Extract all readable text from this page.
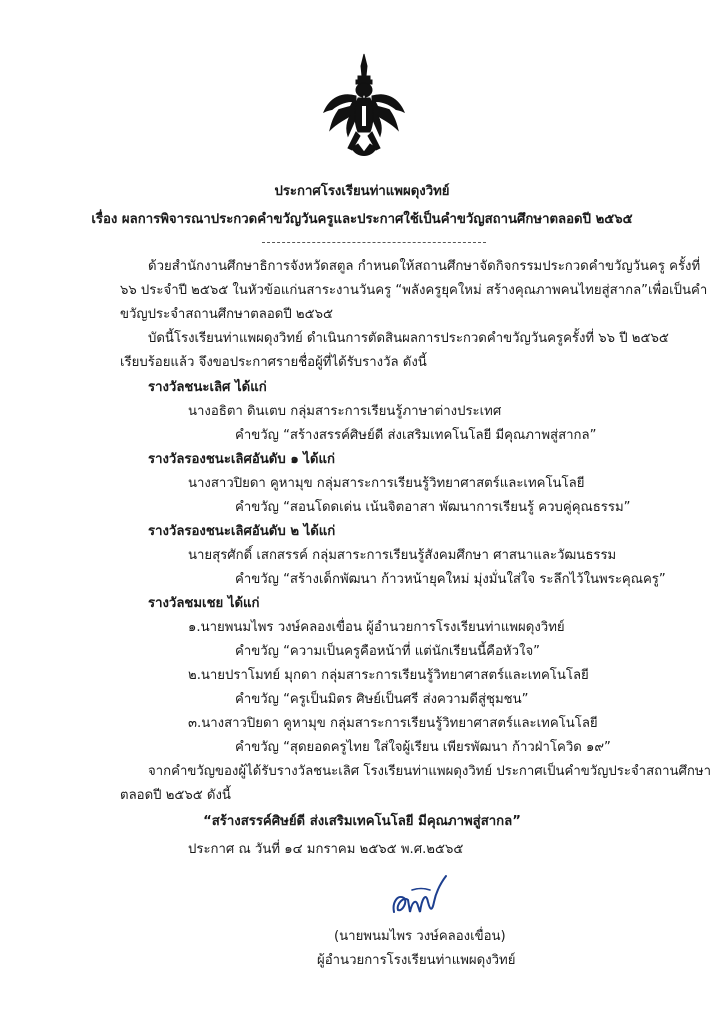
ประกาศโรงเรียนท่าแพผดุงวิทย์
เรื่อง ผลการพิจารณาประกวดคำขวัญวันครูและประกาศใช้เป็นคำขวัญสถานศึกษาตลอดปี ๒๕๖๕
ด้วยสำนักงานศึกษาธิการจังหวัดสตูล กำหนดให้สถานศึกษาจัดกิจกรรมประกวดคำขวัญวันครู ครั้งที่
๖๖ ประจำปี ๒๕๖๕ ในหัวข้อแก่นสาระงานวันครู “พลังครูยุคใหม่ สร้างคุณภาพคนไทยสู่สากล”เพื่อเป็นคำ
ขวัญประจำสถานศึกษาตลอดปี ๒๕๖๕
บัดนี้โรงเรียนท่าแพผดุงวิทย์ ดำเนินการตัดสินผลการประกวดคำขวัญวันครูครั้งที่ ๖๖ ปี ๒๕๖๕
เรียบร้อยแล้ว จึงขอประกาศรายชื่อผู้ที่ได้รับรางวัล ดังนี้
รางวัลชนะเลิศ ได้แก่
นางอธิตา ดินเตบ กลุ่มสาระการเรียนรู้ภาษาต่างประเทศ
คำขวัญ “สร้างสรรค์ศิษย์ดี ส่งเสริมเทคโนโลยี มีคุณภาพสู่สากล”
รางวัลรองชนะเลิศอันดับ ๑ ได้แก่
นางสาวปิยดา คูหามุข กลุ่มสาระการเรียนรู้วิทยาศาสตร์และเทคโนโลยี
คำขวัญ “สอนโดดเด่น เน้นจิตอาสา พัฒนาการเรียนรู้ ควบคู่คุณธรรม”
รางวัลรองชนะเลิศอันดับ ๒ ได้แก่
นายสุรศักดิ์ เสกสรรค์ กลุ่มสาระการเรียนรู้สังคมศึกษา ศาสนาและวัฒนธรรม
คำขวัญ “สร้างเด็กพัฒนา ก้าวหน้ายุคใหม่ มุ่งมั่นใส่ใจ ระลึกไว้ในพระคุณครู”
รางวัลชมเชย ได้แก่
๑.นายพนมไพร วงษ์คลองเขื่อน ผู้อำนวยการโรงเรียนท่าแพผดุงวิทย์
คำขวัญ “ความเป็นครูคือหน้าที่ แต่นักเรียนนี้คือหัวใจ”
๒.นายปราโมทย์ มุกดา กลุ่มสาระการเรียนรู้วิทยาศาสตร์และเทคโนโลยี
คำขวัญ “ครูเป็นมิตร ศิษย์เป็นศรี ส่งความดีสู่ชุมชน”
๓.นางสาวปิยดา คูหามุข กลุ่มสาระการเรียนรู้วิทยาศาสตร์และเทคโนโลยี
คำขวัญ “สุดยอดครูไทย ใส่ใจผู้เรียน เพียรพัฒนา ก้าวฝ่าโควิด ๑๙”
จากคำขวัญของผู้ได้รับรางวัลชนะเลิศ โรงเรียนท่าแพผดุงวิทย์ ประกาศเป็นคำขวัญประจำสถานศึกษา
ตลอดปี ๒๕๖๕ ดังนี้
“สร้างสรรค์ศิษย์ดี ส่งเสริมเทคโนโลยี มีคุณภาพสู่สากล”
ประกาศ ณ วันที่ ๑๔ มกราคม ๒๕๖๕ พ.ศ.๒๕๖๕
(นายพนมไพร วงษ์คลองเขื่อน)
ผู้อำนวยการโรงเรียนท่าแพผดุงวิทย์
